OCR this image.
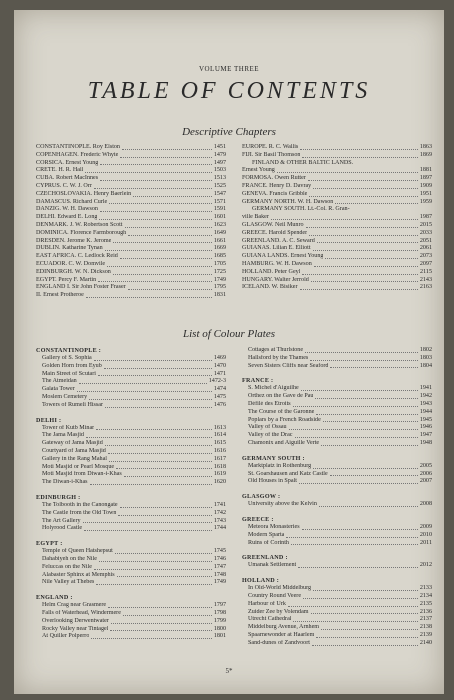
VOLUME THREE
TABLE OF CONTENTS
Descriptive Chapters
CONSTANTINOPLE. Roy Elston	1451
COPENHAGEN. Frederic Whyte	1479
CORSICA. Ernest Young	1497
CRETE. H. R. Hall	1503
CUBA. Robert MacInnes	1513
CYPRUS. C. W. J. Orr	1525
CZECHOSLOVAKIA. Henry Baerlein	1547
DAMASCUS. Richard Curle	1571
DANZIG. W. H. Dawson	1591
DELHI. Edward E. Long	1601
DENMARK. J. W. Robertson Scott	1623
DOMINICA. Florence Farmborough	1649
DRESDEN. Jerome K. Jerome	1661
DUBLIN. Katharine Tynan	1669
EAST AFRICA. C. Ledlock Reid	1685
ECUADOR. C. W. Domvile	1705
EDINBURGH. W. N. Dickson	1725
EGYPT. Percy F. Martin	1749
ENGLAND I. Sir John Foster Fraser	1795
II. Ernest Protheroe	1831
EUROPE. R. C. Wallis	1863
FIJI. Sir Basil Thomson	1869
FINLAND & OTHER BALTIC LANDS.
Ernest Young	1881
FORMOSA. Owen Rutter	1897
FRANCE. Henry D. Davray	1909
GENEVA. Francis Gribble	1951
GERMANY NORTH. W. H. Dawson	1959
GERMANY SOUTH. Lt.-Col. R. Gran-
ville Baker	1987
GLASGOW. Neil Munro	2015
GREECE. Harold Spender	2033
GREENLAND. A. C. Seward	2051
GUIANAS. Lilian E. Elliott	2061
GUIANA LANDS. Ernest Young	2073
HAMBURG. W. H. Dawson	2097
HOLLAND. Peter Geyl	2115
HUNGARY. Walter Jerrold	2143
ICELAND. W. Bisiker	2163
List of Colour Plates
CONSTANTINOPLE :
Gallery of S. Sophia	1469
Golden Horn from Eyub	1470
Main Street of Scutari	1471
The Atmeidan	1472-3
Galata Tower	1474
Moslem Cemetery	1475
Towers of Rumeli Hissar	1476
DELHI :
Tower of Kutb Minar	1613
The Jama Masjid	1614
Gateway of Jama Masjid	1615
Courtyard of Jama Masjid	1616
Gallery in the Rang Mahal	1617
Moti Masjid or Pearl Mosque	1618
Moti Masjid from Diwan-i-Khas	1619
The Diwan-i-Khas	1620
EDINBURGH :
The Tolbooth in the Canongate	1741
The Castle from the Old Town	1742
The Art Gallery	1743
Holyrood Castle	1744
EGYPT :
Temple of Queen Hatshepsut	1745
Dahabiyeh on the Nile	1746
Feluccas on the Nile	1747
Alabaster Sphinx at Memphis	1748
Nile Valley at Thebes	1749
ENGLAND :
Helm Crag near Grasmere	1797
Falls of Waterhead, Windermere	1798
Overlooking Derwentwater	1799
Rocky Valley near Tintagel	1800
At Quiller Polperro	1801
Cottages at Thurlstone	1802
Hallsford by the Thames	1803
Seven Sisters Cliffs near Seaford	1804
FRANCE :
S. Michel d'Aiguilhe	1941
Orthez on the Gave de Pau	1942
Défilé des Etroits	1943
The Course of the Garonne	1944
Poplars by a French Roadside	1945
Valley of Ossau	1946
Valley of the Drac	1947
Chamonix and Aiguille Verte	1948
GERMANY SOUTH :
Marktplatz in Rothenburg	2005
St. Goarshausen and Katz Castle	2006
Old Houses in Spalt	2007
GLASGOW :
University above the Kelvin	2008
GREECE :
Meteora Monasteries	2009
Modern Sparta	2010
Ruins of Corinth	2011
GREENLAND :
Umanak Settlement	2012
HOLLAND :
In Old-World Middelburg	2133
Country Round Veere	2134
Harbour of Urk	2135
Zuider Zee by Volendam	2136
Utrecht Cathedral	2137
Middelburg Avenue, Arnhem	2138
Spaarnewonder at Haarlem	2139
Sand-dunes of Zandvoort	2140
5*
